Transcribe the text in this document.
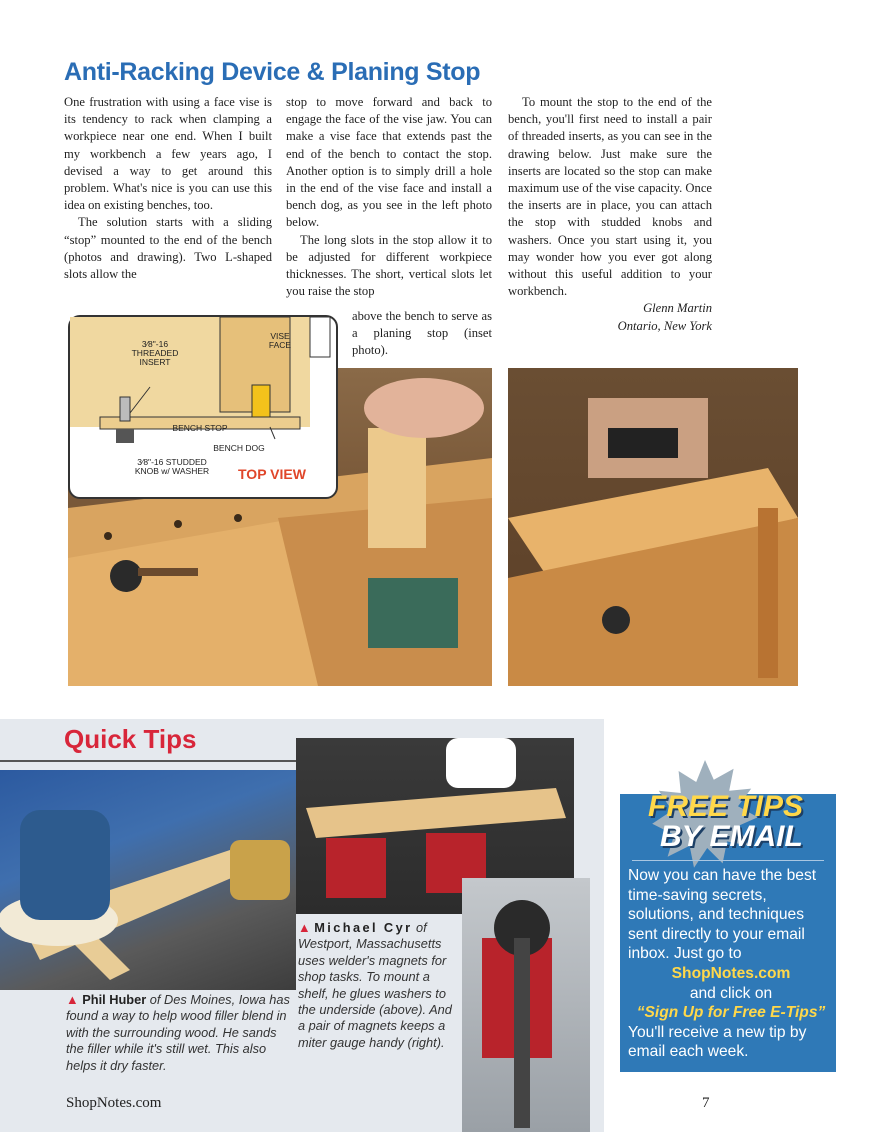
Anti-Racking Device & Planing Stop

One frustration with using a face vise is its tendency to rack when clamping a workpiece near one end. When I built my workbench a few years ago, I devised a way to get around this problem. What's nice is you can use this idea on existing benches, too.

The solution starts with a sliding “stop” mounted to the end of the bench (photos and drawing). Two L-shaped slots allow the

stop to move forward and back to engage the face of the vise jaw. You can make a vise face that extends past the end of the bench to contact the stop. Another option is to simply drill a hole in the end of the vise face and install a bench dog, as you see in the left photo below.

The long slots in the stop allow it to be adjusted for different workpiece thicknesses. The short, vertical slots let you raise the stop

above the bench to serve as a planing stop (inset photo).

To mount the stop to the end of the bench, you'll first need to install a pair of threaded inserts, as you can see in the drawing below. Just make sure the inserts are located so the stop can make maximum use of the vise capacity. Once the inserts are in place, you can attach the stop with studded knobs and washers. Once you start using it, you may wonder how you ever got along without this useful addition to your workbench.

Glenn Martin

Ontario, New York

3⁄8"-16 THREADED INSERT
VISE FACE
BENCH STOP
BENCH DOG
3⁄8"-16 STUDDED KNOB w/ WASHER TOP VIEW
Quick Tips
▲ Phil Huber of Des Moines, Iowa has found a way to help wood filler blend in with the surrounding wood. He sands the filler while it's still wet. This also helps it dry faster.
▲ Michael Cyr of Westport, Massachusetts uses welder's magnets for shop tasks. To mount a shelf, he glues washers to the underside (above). And a pair of magnets keeps a miter gauge handy (right).
FREE TIPS
BY EMAIL
Now you can have the best time-saving secrets, solutions, and techniques sent directly to your email inbox. Just go to
ShopNotes.com
and click on
“Sign Up for Free E-Tips”
You'll receive a new tip by email each week.
ShopNotes.com	7
